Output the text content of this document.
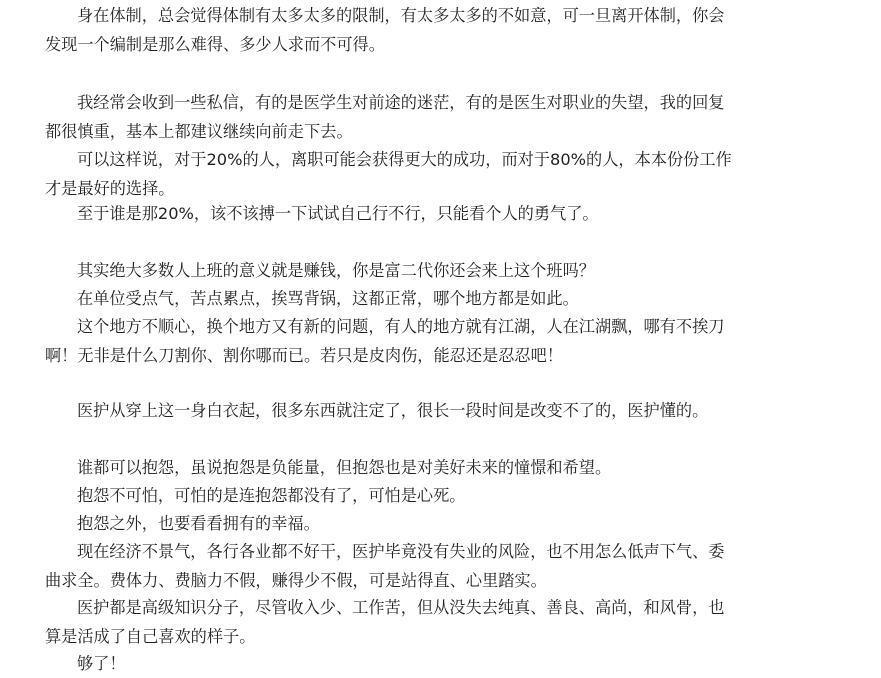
身在体制，总会觉得体制有太多太多的限制，有太多太多的不如意，可一旦离开体制，你会发现一个编制是那么难得、多少人求而不可得。

我经常会收到一些私信，有的是医学生对前途的迷茫，有的是医生对职业的失望，我的回复都很慎重，基本上都建议继续向前走下去。

可以这样说，对于20%的人，离职可能会获得更大的成功，而对于80%的人，本本份份工作才是最好的选择。

至于谁是那20%，该不该搏一下试试自己行不行，只能看个人的勇气了。

其实绝大多数人上班的意义就是赚钱，你是富二代你还会来上这个班吗？

在单位受点气，苦点累点，挨骂背锅，这都正常，哪个地方都是如此。

这个地方不顺心，换个地方又有新的问题，有人的地方就有江湖，人在江湖飘，哪有不挨刀啊！无非是什么刀割你、割你哪而已。若只是皮肉伤，能忍还是忍忍吧！

医护从穿上这一身白衣起，很多东西就注定了，很长一段时间是改变不了的，医护懂的。

谁都可以抱怨，虽说抱怨是负能量，但抱怨也是对美好未来的憧憬和希望。

抱怨不可怕，可怕的是连抱怨都没有了，可怕是心死。

抱怨之外，也要看看拥有的幸福。

现在经济不景气，各行各业都不好干，医护毕竟没有失业的风险，也不用怎么低声下气、委曲求全。费体力、费脑力不假，赚得少不假，可是站得直、心里踏实。

医护都是高级知识分子，尽管收入少、工作苦，但从没失去纯真、善良、高尚，和风骨，也算是活成了自己喜欢的样子。

够了！
